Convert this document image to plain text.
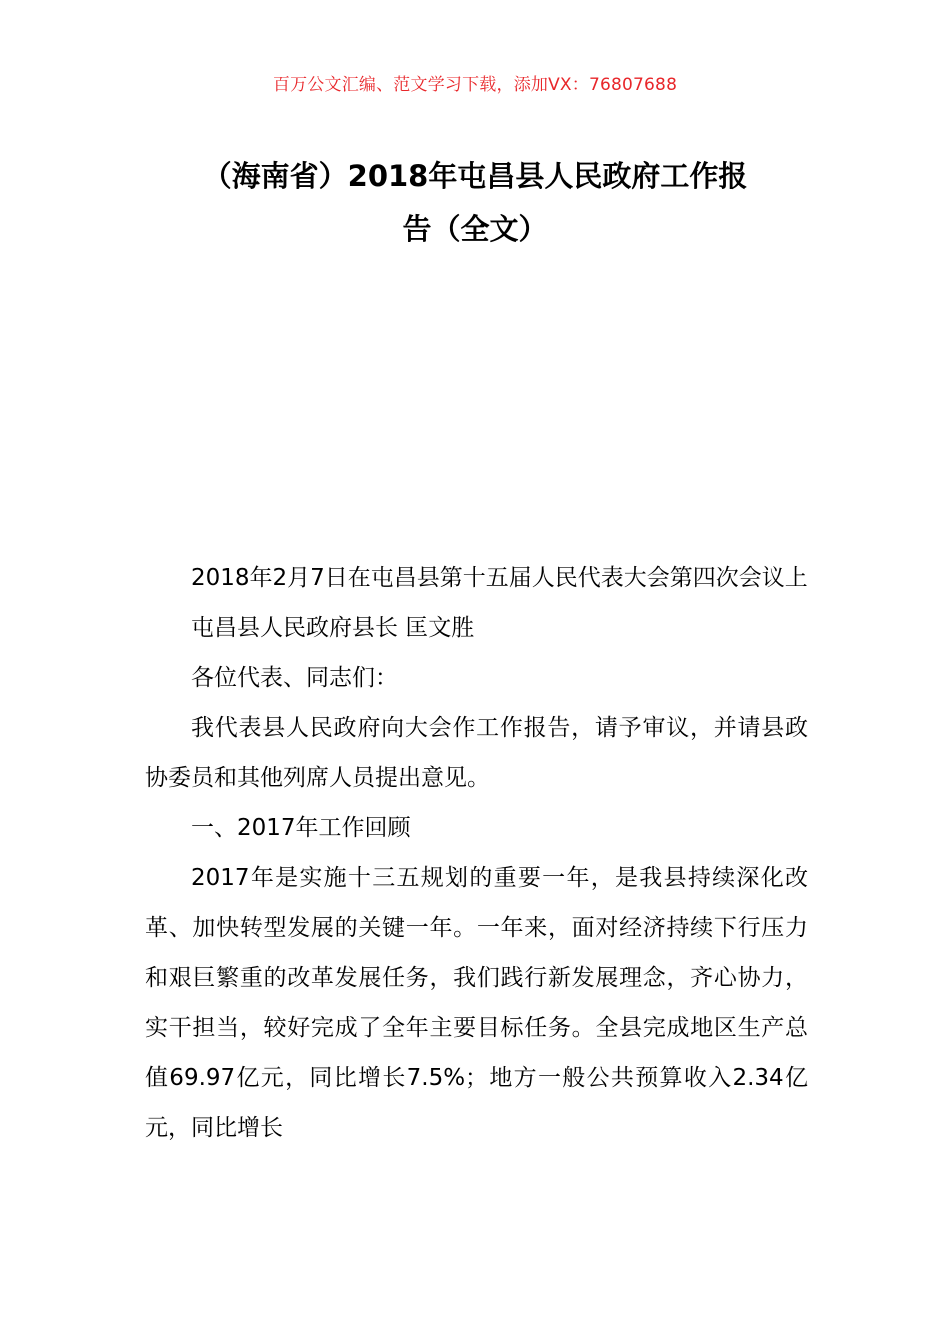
百万公文汇编、范文学习下载，添加VX：76807688
（海南省）2018年屯昌县人民政府工作报
告（全文）

2018年2月7日在屯昌县第十五届人民代表大会第四次会议上

屯昌县人民政府县长 匡文胜

各位代表、同志们：

我代表县人民政府向大会作工作报告，请予审议，并请县政协委员和其他列席人员提出意见。

一、2017年工作回顾

2017年是实施十三五规划的重要一年，是我县持续深化改革、加快转型发展的关键一年。一年来，面对经济持续下行压力和艰巨繁重的改革发展任务，我们践行新发展理念，齐心协力，实干担当，较好完成了全年主要目标任务。全县完成地区生产总值69.97亿元，同比增长7.5%；地方一般公共预算收入2.34亿元，同比增长
